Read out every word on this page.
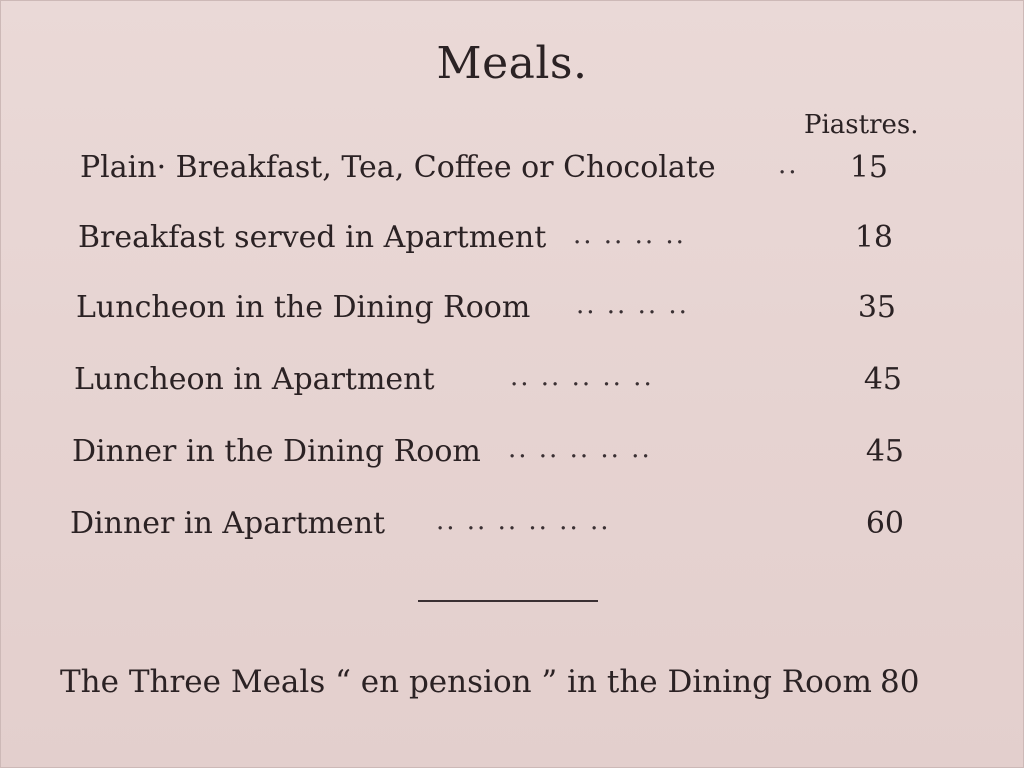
Meals.
Piastres.
Plain· Breakfast, Tea, Coffee or Chocolate ..	15
Breakfast served in Apartment .. .. .. ..	18
Luncheon in the Dining Room .. .. .. ..	35
Luncheon in Apartment	.. .. .. .. ..	45
Dinner in the Dining Room .. .. .. .. ..	45
Dinner in Apartment .. .. .. .. .. ..	60
The Three Meals “ en pension ” in the Dining Room 80
